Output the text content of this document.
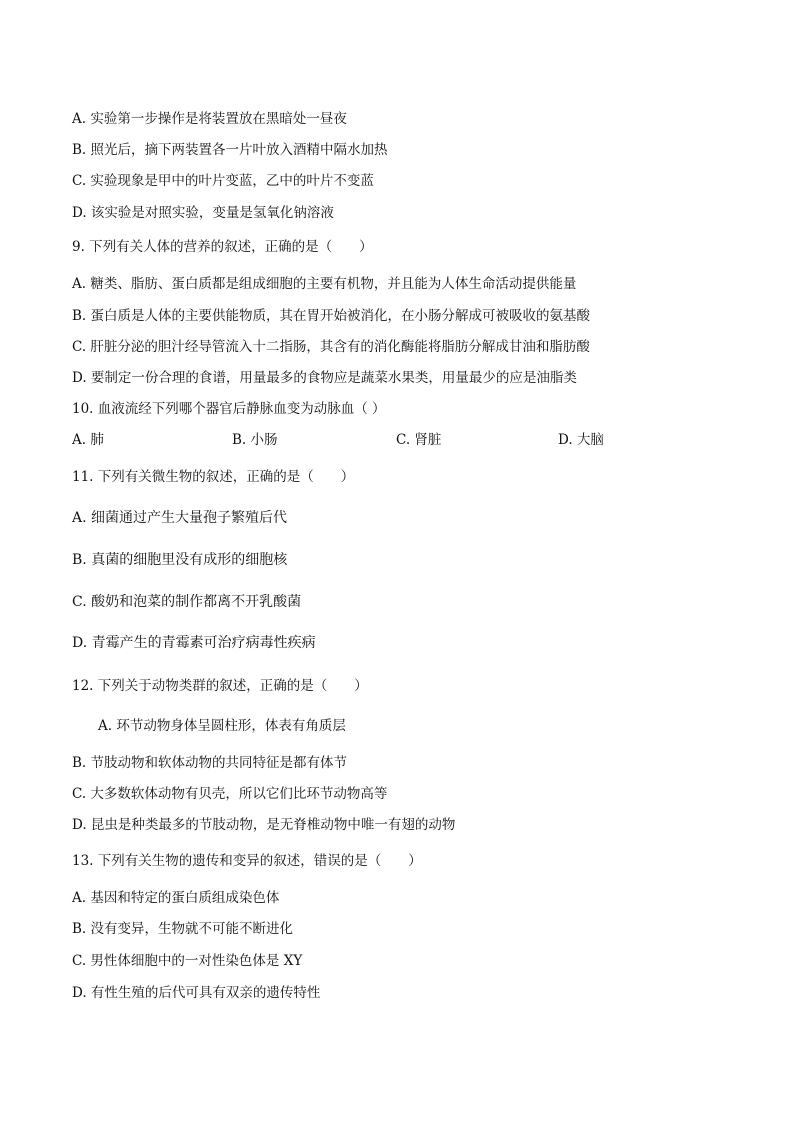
A. 实验第一步操作是将装置放在黑暗处一昼夜
B. 照光后，摘下两装置各一片叶放入酒精中隔水加热
C. 实验现象是甲中的叶片变蓝，乙中的叶片不变蓝
D. 该实验是对照实验，变量是氢氧化钠溶液
9. 下列有关人体的营养的叙述，正确的是（　　）
A. 糖类、脂肪、蛋白质都是组成细胞的主要有机物，并且能为人体生命活动提供能量
B. 蛋白质是人体的主要供能物质，其在胃开始被消化，在小肠分解成可被吸收的氨基酸
C. 肝脏分泌的胆汁经导管流入十二指肠，其含有的消化酶能将脂肪分解成甘油和脂肪酸
D. 要制定一份合理的食谱，用量最多的食物应是蔬菜水果类，用量最少的应是油脂类
10. 血液流经下列哪个器官后静脉血变为动脉血（ ）
A. 肺	B. 小肠	C. 肾脏	D. 大脑
11. 下列有关微生物的叙述，正确的是（　　）
A. 细菌通过产生大量孢子繁殖后代
B. 真菌的细胞里没有成形的细胞核
C. 酸奶和泡菜的制作都离不开乳酸菌
D. 青霉产生的青霉素可治疗病毒性疾病
12. 下列关于动物类群的叙述，正确的是（　　）
A. 环节动物身体呈圆柱形，体表有角质层
B. 节肢动物和软体动物的共同特征是都有体节
C. 大多数软体动物有贝壳，所以它们比环节动物高等
D. 昆虫是种类最多的节肢动物，是无脊椎动物中唯一有翅的动物
13. 下列有关生物的遗传和变异的叙述，错误的是（　　）
A. 基因和特定的蛋白质组成染色体
B. 没有变异，生物就不可能不断进化
C. 男性体细胞中的一对性染色体是 XY
D. 有性生殖的后代可具有双亲的遗传特性
